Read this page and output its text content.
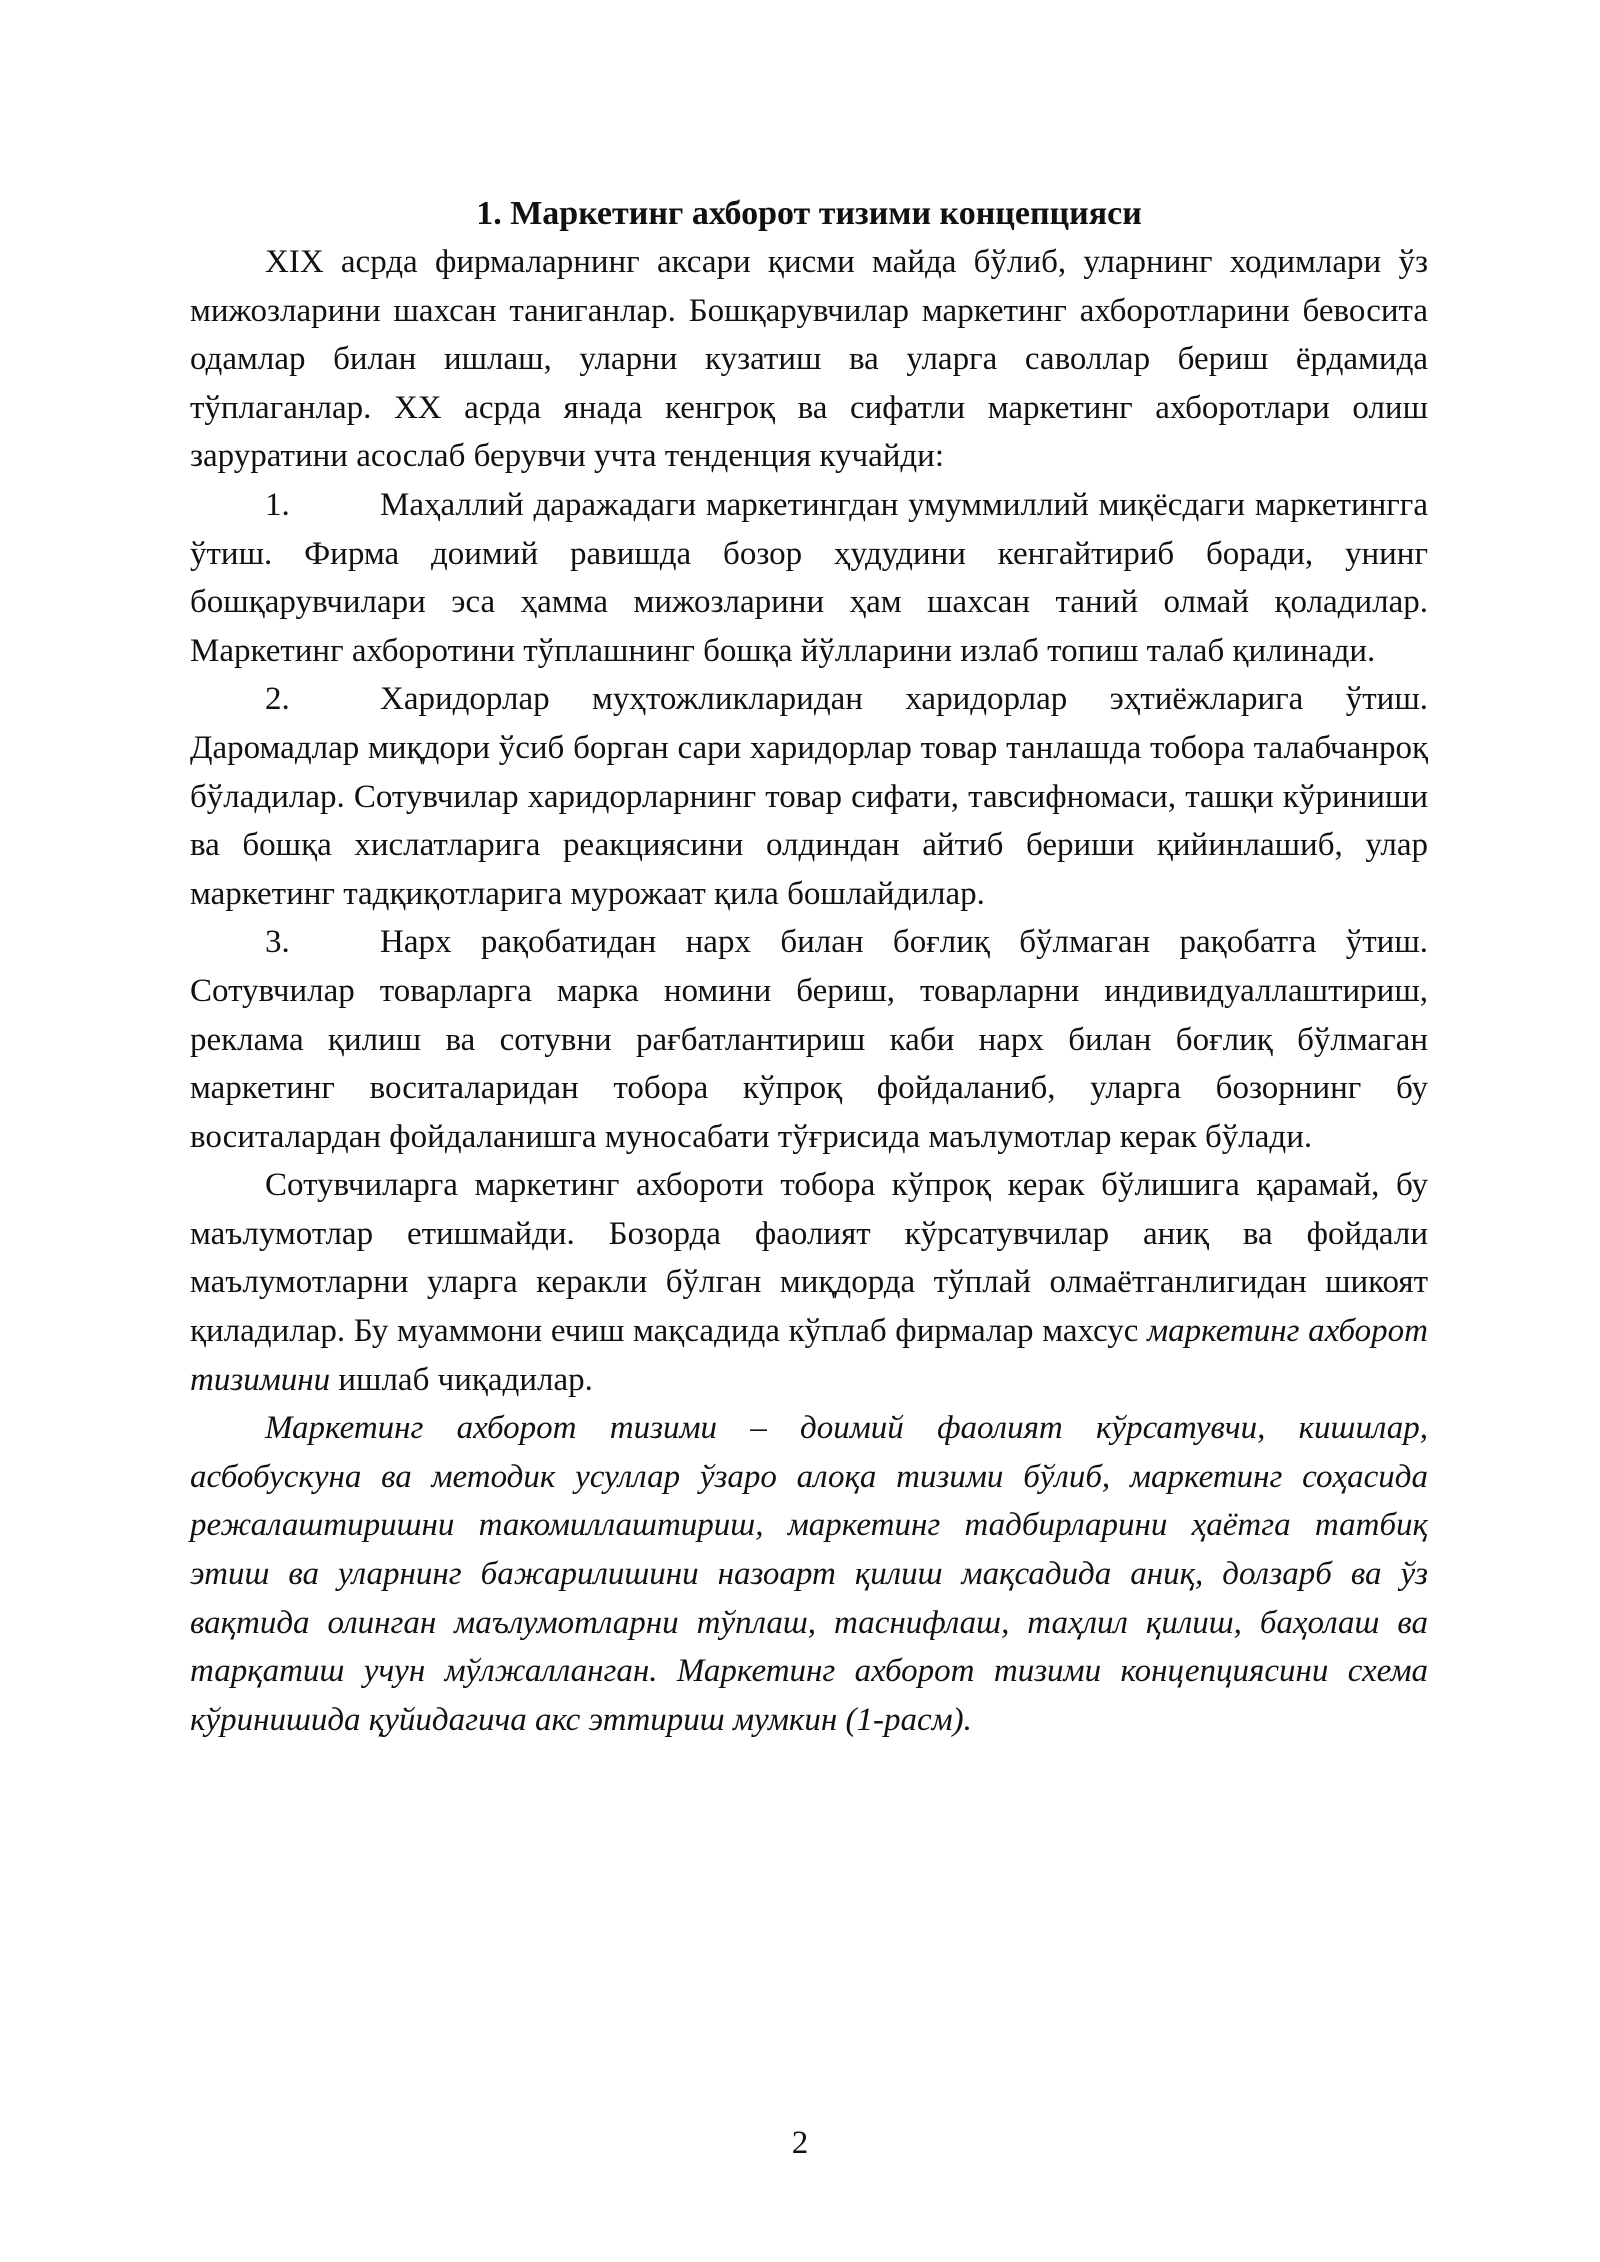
1. Маркетинг ахборот тизими концепцияси

XIX асрда фирмаларнинг аксари қисми майда бўлиб, уларнинг ходимлари ўз мижозларини шахсан таниганлар. Бошқарувчилар маркетинг ахборотларини бевосита одамлар билан ишлаш, уларни кузатиш ва уларга саволлар бериш ёрдамида тўплаганлар. XX асрда янада кенгроқ ва сифатли маркетинг ахборотлари олиш заруратини асослаб берувчи учта тенденция кучайди:

1.	Маҳаллий даражадаги маркетингдан умуммиллий миқёсдаги маркетингга ўтиш. Фирма доимий равишда бозор ҳудудини кенгайтириб боради, унинг бошқарувчилари эса ҳамма мижозларини ҳам шахсан таний олмай қоладилар. Маркетинг ахборотини тўплашнинг бошқа йўлларини излаб топиш талаб қилинади.

2.	Харидорлар муҳтожликларидан харидорлар эҳтиёжларига ўтиш. Даромадлар миқдори ўсиб борган сари харидорлар товар танлашда тобора талабчанроқ бўладилар. Сотувчилар харидорларнинг товар сифати, тавсифномаси, ташқи кўриниши ва бошқа хислатларига реакциясини олдиндан айтиб бериши қийинлашиб, улар маркетинг тадқиқотларига мурожаат қила бошлайдилар.

3.	Нарх рақобатидан нарх билан боғлиқ бўлмаган рақобатга ўтиш. Сотувчилар товарларга марка номини бериш, товарларни индивидуаллаштириш, реклама қилиш ва сотувни рағбатлантириш каби нарх билан боғлиқ бўлмаган маркетинг воситаларидан тобора кўпроқ фойдаланиб, уларга бозорнинг бу воситалардан фойдаланишга муносабати тўғрисида маълумотлар керак бўлади.

Сотувчиларга маркетинг ахбороти тобора кўпроқ керак бўлишига қарамай, бу маълумотлар етишмайди. Бозорда фаолият кўрсатувчилар аниқ ва фойдали маълумотларни уларга керакли бўлган миқдорда тўплай олмаётганлигидан шикоят қиладилар. Бу муаммони ечиш мақсадида кўплаб фирмалар махсус маркетинг ахборот тизимини ишлаб чиқадилар.

Маркетинг ахборот тизими – доимий фаолият кўрсатувчи, кишилар, асбобускуна ва методик усуллар ўзаро алоқа тизими бўлиб, маркетинг соҳасида режалаштиришни такомиллаштириш, маркетинг тадбирларини ҳаётга татбиқ этиш ва уларнинг бажарилишини назоарт қилиш мақсадида аниқ, долзарб ва ўз вақтида олинган маълумотларни тўплаш, таснифлаш, таҳлил қилиш, баҳолаш ва тарқатиш учун мўлжалланган. Маркетинг ахборот тизими концепциясини схема кўринишида қуйидагича акс эттириш мумкин (1-расм).

2
